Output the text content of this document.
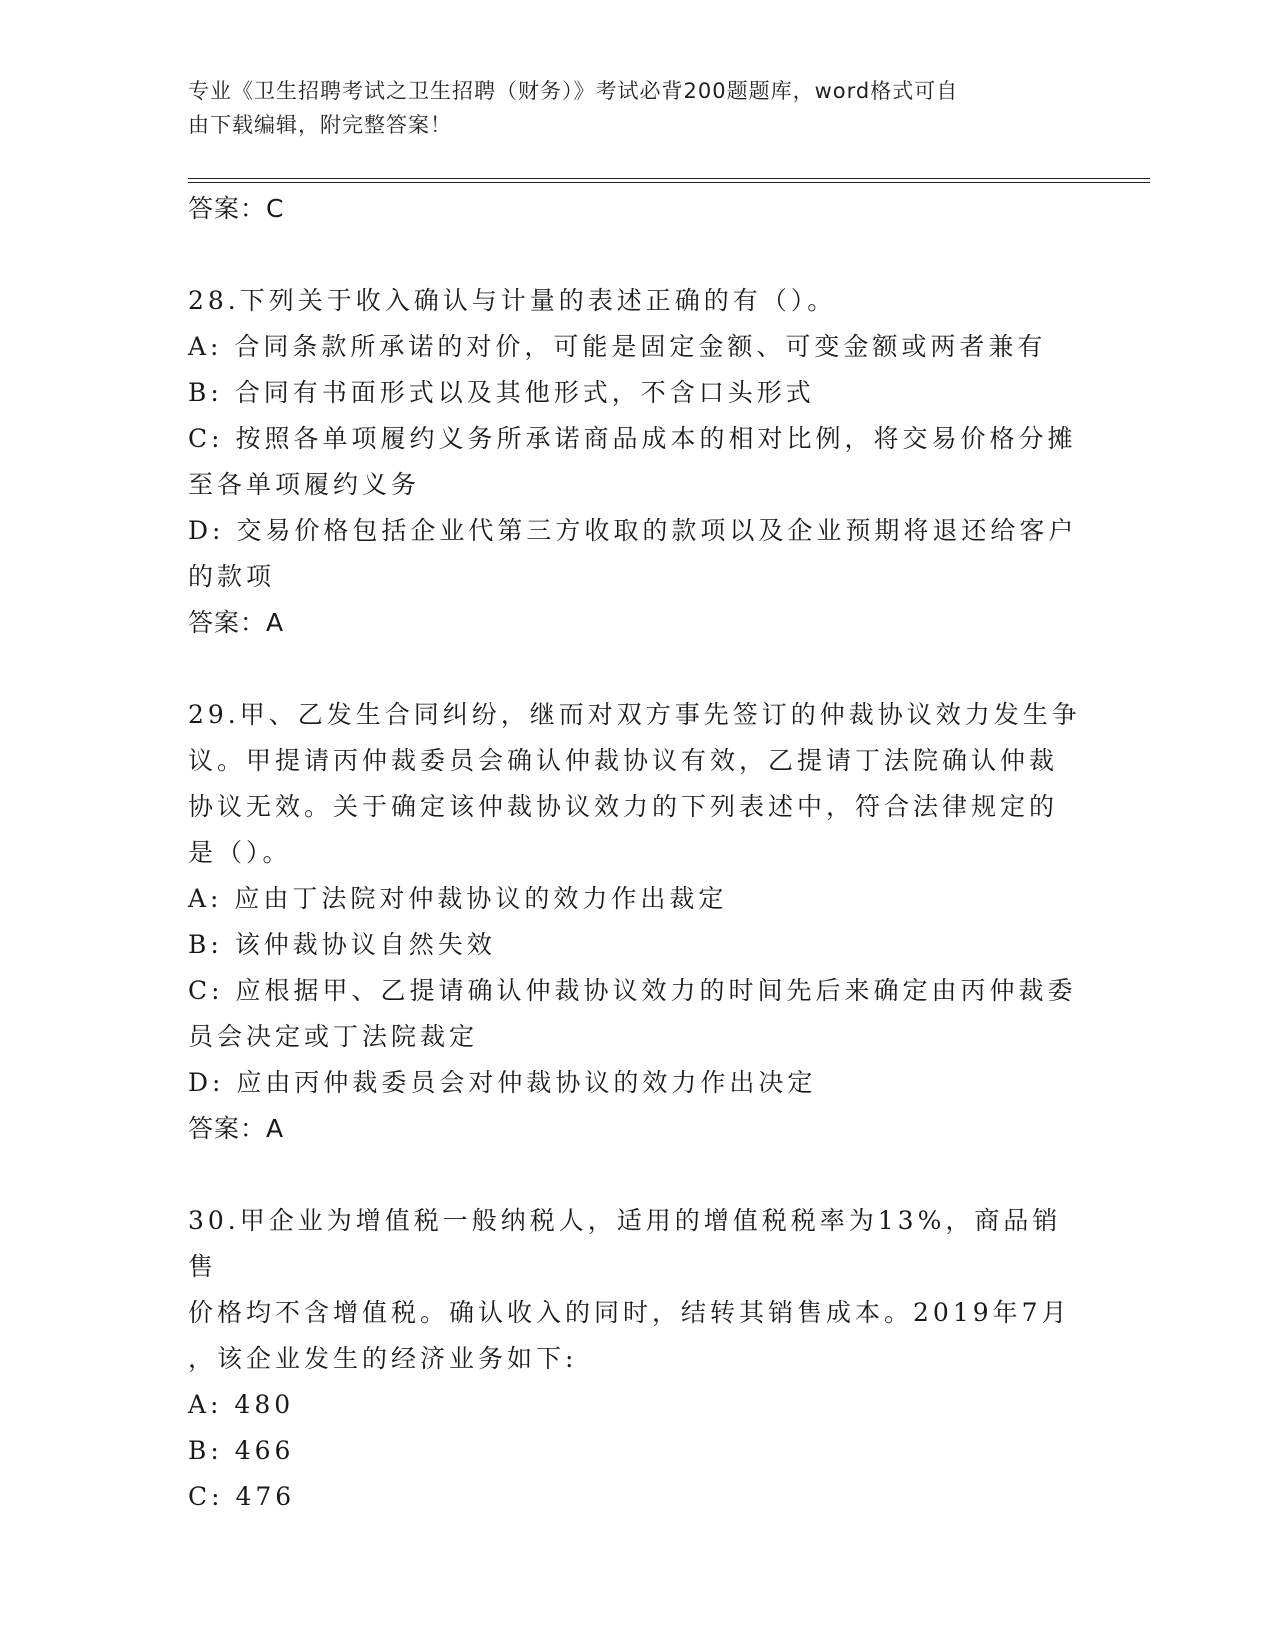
专业《卫生招聘考试之卫生招聘（财务）》考试必背200题题库，word格式可自
由下载编辑，附完整答案！
答案：C
28.下列关于收入确认与计量的表述正确的有（）。
A: 合同条款所承诺的对价，可能是固定金额、可变金额或两者兼有
B: 合同有书面形式以及其他形式，不含口头形式
C: 按照各单项履约义务所承诺商品成本的相对比例，将交易价格分摊
至各单项履约义务
D: 交易价格包括企业代第三方收取的款项以及企业预期将退还给客户
的款项
答案：A
29.甲、乙发生合同纠纷，继而对双方事先签订的仲裁协议效力发生争
议。甲提请丙仲裁委员会确认仲裁协议有效，乙提请丁法院确认仲裁
协议无效。关于确定该仲裁协议效力的下列表述中，符合法律规定的
是（）。
A: 应由丁法院对仲裁协议的效力作出裁定
B: 该仲裁协议自然失效
C: 应根据甲、乙提请确认仲裁协议效力的时间先后来确定由丙仲裁委
员会决定或丁法院裁定
D: 应由丙仲裁委员会对仲裁协议的效力作出决定
答案：A
30.甲企业为增值税一般纳税人，适用的增值税税率为13%，商品销售
价格均不含增值税。确认收入的同时，结转其销售成本。2019年7月
，该企业发生的经济业务如下:
A: 480
B: 466
C: 476
